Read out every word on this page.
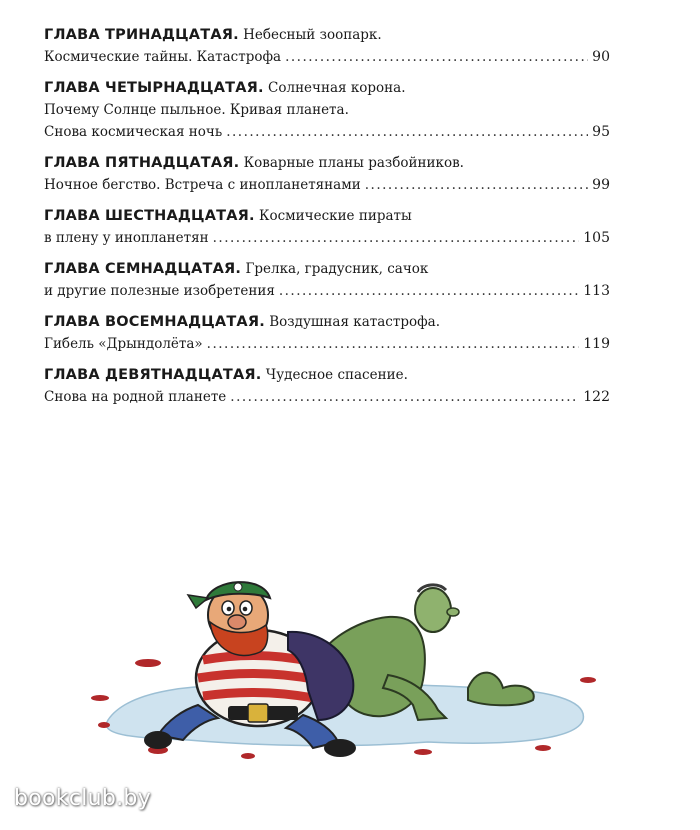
ГЛАВА ТРИНАДЦАТАЯ. Небесный зоопарк.
Космические тайны. Катастрофа .....	90
ГЛАВА ЧЕТЫРНАДЦАТАЯ. Солнечная корона.
Почему Солнце пыльное. Кривая планета.
Снова космическая ночь .....	95
ГЛАВА ПЯТНАДЦАТАЯ. Коварные планы разбойников.
Ночное бегство. Встреча с инопланетянами .....	99
ГЛАВА ШЕСТНАДЦАТАЯ. Космические пираты
в плену у инопланетян .....	105
ГЛАВА СЕМНАДЦАТАЯ. Грелка, градусник, сачок
и другие полезные изобретения .....	113
ГЛАВА ВОСЕМНАДЦАТАЯ. Воздушная катастрофа.
Гибель «Дрындолёта» .....	119
ГЛАВА ДЕВЯТНАДЦАТАЯ. Чудесное спасение.
Снова на родной планете .....	122
bookclub.by
